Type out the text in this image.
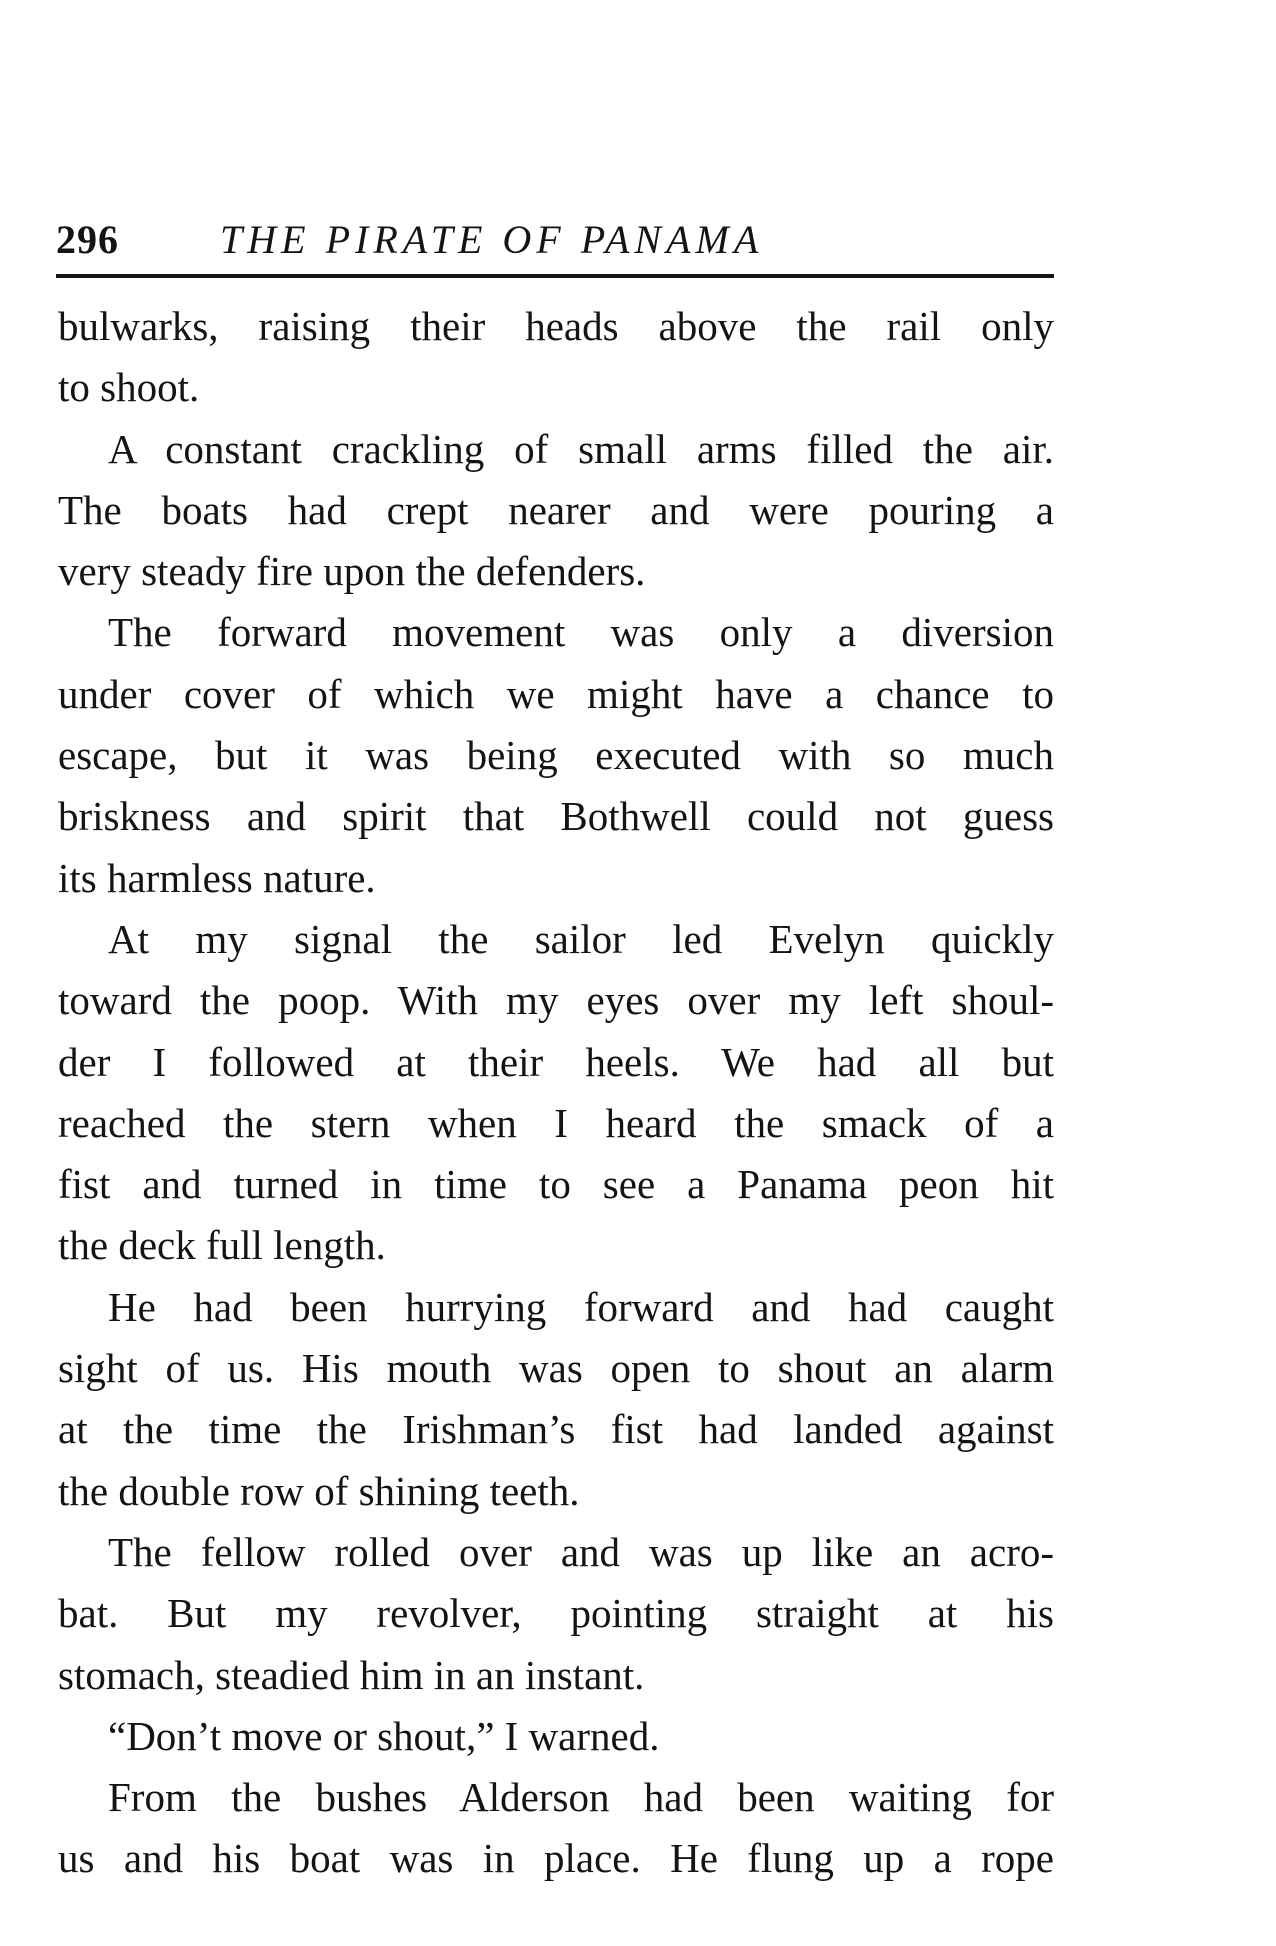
296	THE PIRATE OF PANAMA
bulwarks, raising their heads above the rail only
to shoot.
A constant crackling of small arms filled the air.
The boats had crept nearer and were pouring a
very steady fire upon the defenders.
The forward movement was only a diversion
under cover of which we might have a chance to
escape, but it was being executed with so much
briskness and spirit that Bothwell could not guess
its harmless nature.
At my signal the sailor led Evelyn quickly
toward the poop. With my eyes over my left shoul-
der I followed at their heels. We had all but
reached the stern when I heard the smack of a
fist and turned in time to see a Panama peon hit
the deck full length.
He had been hurrying forward and had caught
sight of us. His mouth was open to shout an alarm
at the time the Irishman’s fist had landed against
the double row of shining teeth.
The fellow rolled over and was up like an acro-
bat. But my revolver, pointing straight at his
stomach, steadied him in an instant.
“Don’t move or shout,” I warned.
From the bushes Alderson had been waiting for
us and his boat was in place. He flung up a rope
